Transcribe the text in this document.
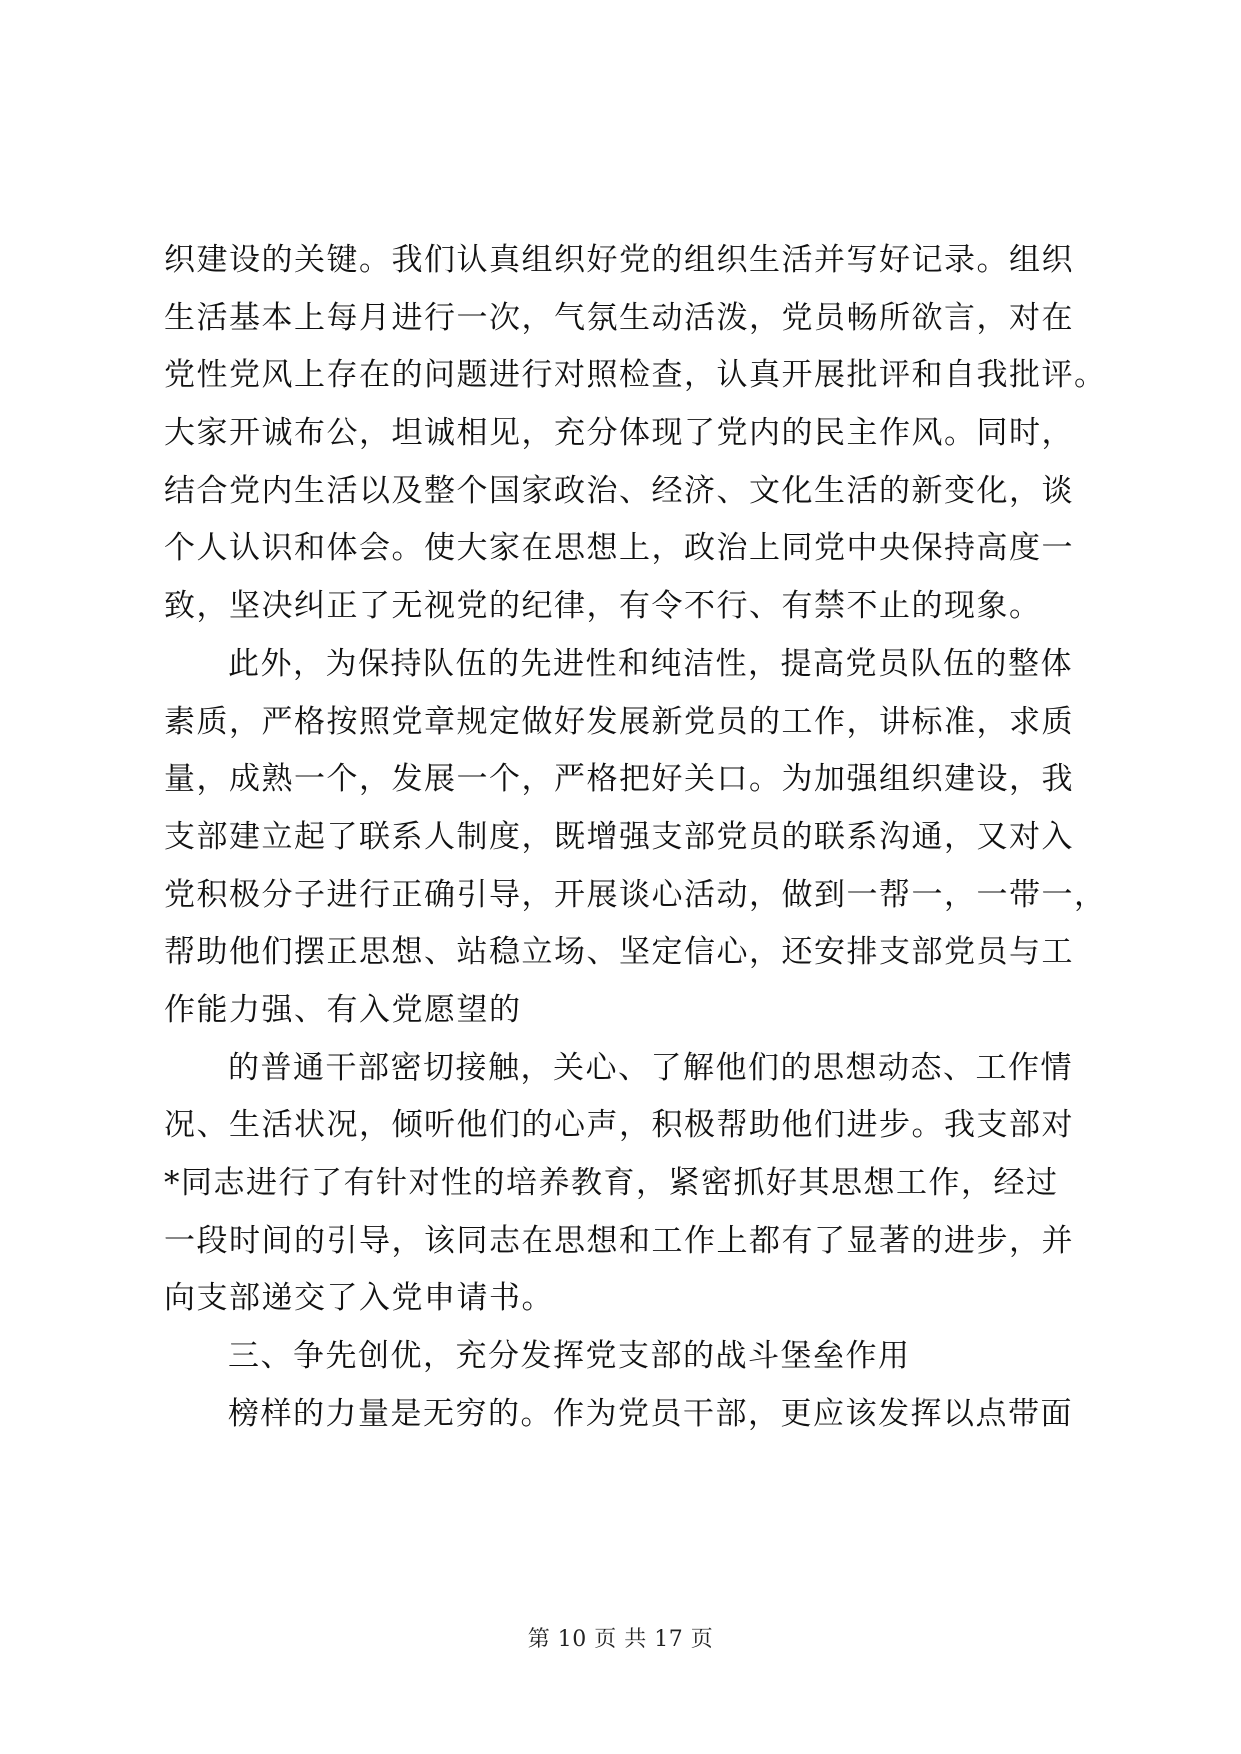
织建设的关键。我们认真组织好党的组织生活并写好记录。组织
生活基本上每月进行一次，气氛生动活泼，党员畅所欲言，对在
党性党风上存在的问题进行对照检查，认真开展批评和自我批评。
大家开诚布公，坦诚相见，充分体现了党内的民主作风。同时，
结合党内生活以及整个国家政治、经济、文化生活的新变化，谈
个人认识和体会。使大家在思想上，政治上同党中央保持高度一
致，坚决纠正了无视党的纪律，有令不行、有禁不止的现象。
此外，为保持队伍的先进性和纯洁性，提高党员队伍的整体
素质，严格按照党章规定做好发展新党员的工作，讲标准，求质
量，成熟一个，发展一个，严格把好关口。为加强组织建设，我
支部建立起了联系人制度，既增强支部党员的联系沟通，又对入
党积极分子进行正确引导，开展谈心活动，做到一帮一，一带一，
帮助他们摆正思想、站稳立场、坚定信心，还安排支部党员与工
作能力强、有入党愿望的
的普通干部密切接触，关心、了解他们的思想动态、工作情
况、生活状况，倾听他们的心声，积极帮助他们进步。我支部对
*同志进行了有针对性的培养教育，紧密抓好其思想工作，经过
一段时间的引导，该同志在思想和工作上都有了显著的进步，并
向支部递交了入党申请书。
三、争先创优，充分发挥党支部的战斗堡垒作用
榜样的力量是无穷的。作为党员干部，更应该发挥以点带面
第 10 页 共 17 页
